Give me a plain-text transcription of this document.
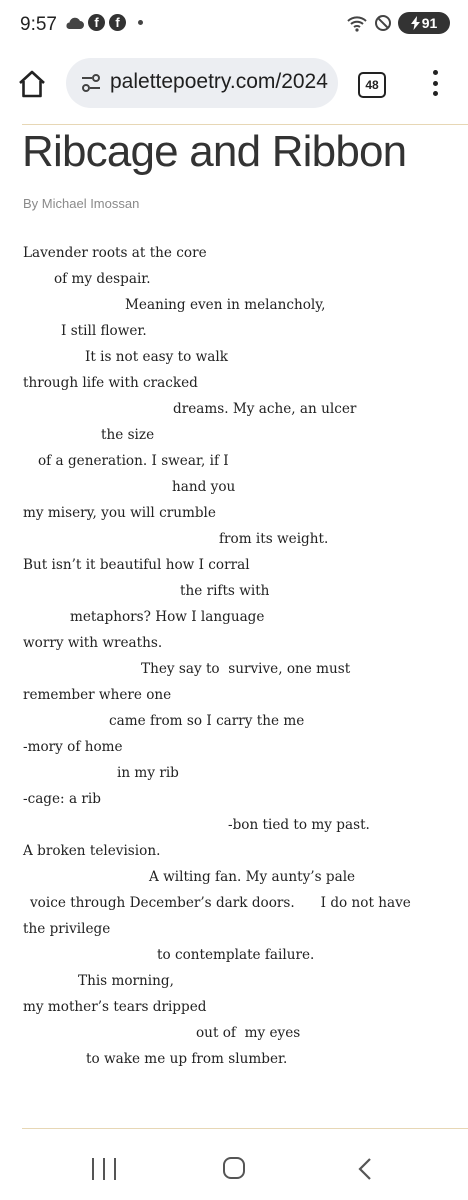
9:57	f	f	91
palettepoetry.com/2024	48
Ribcage and Ribbon
By Michael Imossan
Lavender roots at the core
of my despair.
Meaning even in melancholy,
I still flower.
It is not easy to walk
through life with cracked
dreams. My ache, an ulcer
the size
of a generation. I swear, if I
hand you
my misery, you will crumble
from its weight.
But isn’t it beautiful how I corral
the rifts with
metaphors? How I language
worry with wreaths.
They say to  survive, one must
remember where one
came from so I carry the me
-mory of home
in my rib
-cage: a rib
-bon tied to my past.
A broken television.
A wilting fan. My aunty’s pale
voice through December’s dark doors.      I do not have
the privilege
to contemplate failure.
This morning,
my mother’s tears dripped
out of  my eyes
to wake me up from slumber.
